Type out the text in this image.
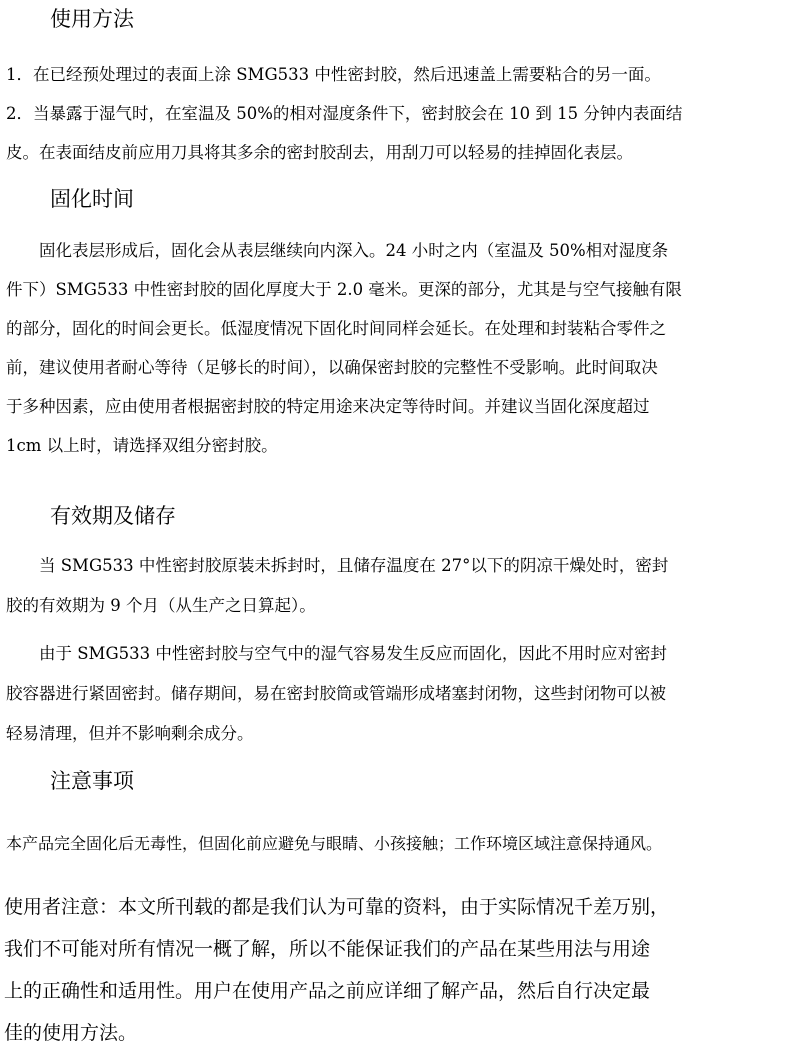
使用方法
1．在已经预处理过的表面上涂 SMG533 中性密封胶，然后迅速盖上需要粘合的另一面。
2．当暴露于湿气时，在室温及 50%的相对湿度条件下，密封胶会在 10 到 15 分钟内表面结
皮。在表面结皮前应用刀具将其多余的密封胶刮去，用刮刀可以轻易的挂掉固化表层。
固化时间
固化表层形成后，固化会从表层继续向内深入。24 小时之内（室温及 50%相对湿度条
件下）SMG533 中性密封胶的固化厚度大于 2.0 毫米。更深的部分，尤其是与空气接触有限
的部分，固化的时间会更长。低湿度情况下固化时间同样会延长。在处理和封装粘合零件之
前，建议使用者耐心等待（足够长的时间），以确保密封胶的完整性不受影响。此时间取决
于多种因素，应由使用者根据密封胶的特定用途来决定等待时间。并建议当固化深度超过
1cm 以上时，请选择双组分密封胶。
有效期及储存
当 SMG533 中性密封胶原装未拆封时，且储存温度在 27°以下的阴凉干燥处时，密封
胶的有效期为 9 个月（从生产之日算起）。
由于 SMG533 中性密封胶与空气中的湿气容易发生反应而固化，因此不用时应对密封
胶容器进行紧固密封。储存期间，易在密封胶筒或管端形成堵塞封闭物，这些封闭物可以被
轻易清理，但并不影响剩余成分。
注意事项
本产品完全固化后无毒性，但固化前应避免与眼睛、小孩接触；工作环境区域注意保持通风。
使用者注意：本文所刊载的都是我们认为可靠的资料，由于实际情况千差万别，
我们不可能对所有情况一概了解，所以不能保证我们的产品在某些用法与用途
上的正确性和适用性。用户在使用产品之前应详细了解产品，然后自行决定最
佳的使用方法。
